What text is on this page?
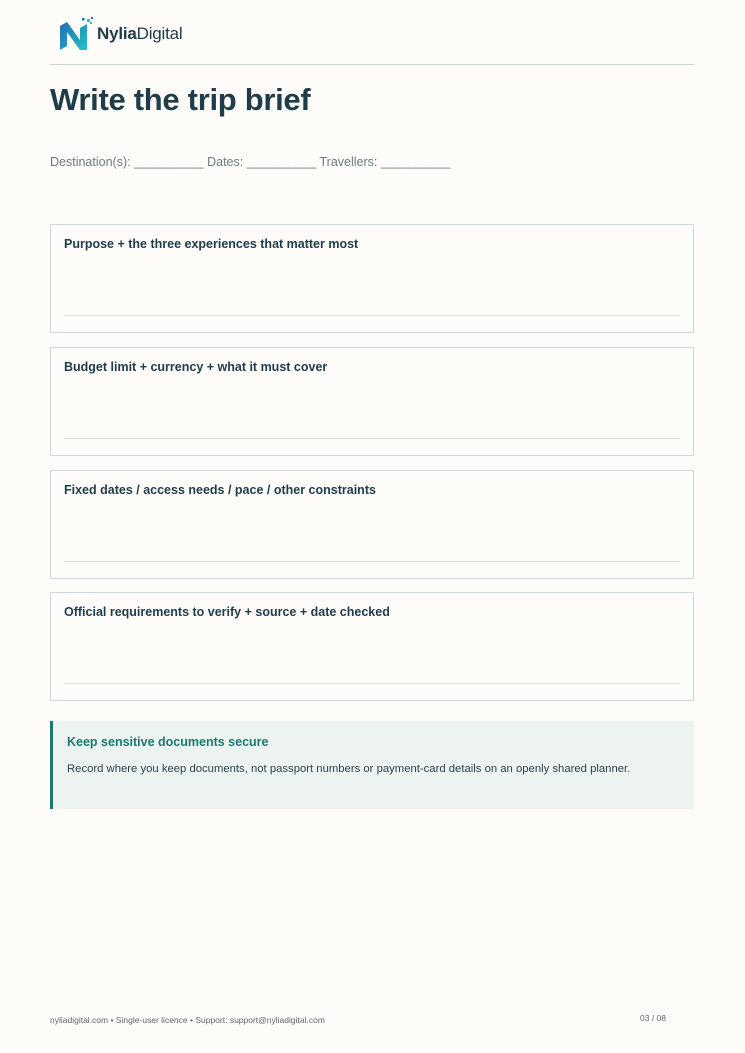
NyliaDigital
Write the trip brief
Destination(s): __________ Dates: __________ Travellers: __________
Purpose + the three experiences that matter most
Budget limit + currency + what it must cover
Fixed dates / access needs / pace / other constraints
Official requirements to verify + source + date checked
Keep sensitive documents secure
Record where you keep documents, not passport numbers or payment-card details on an openly shared planner.
nyliadigital.com • Single-user licence • Support: support@nyliadigital.com	03 / 08
